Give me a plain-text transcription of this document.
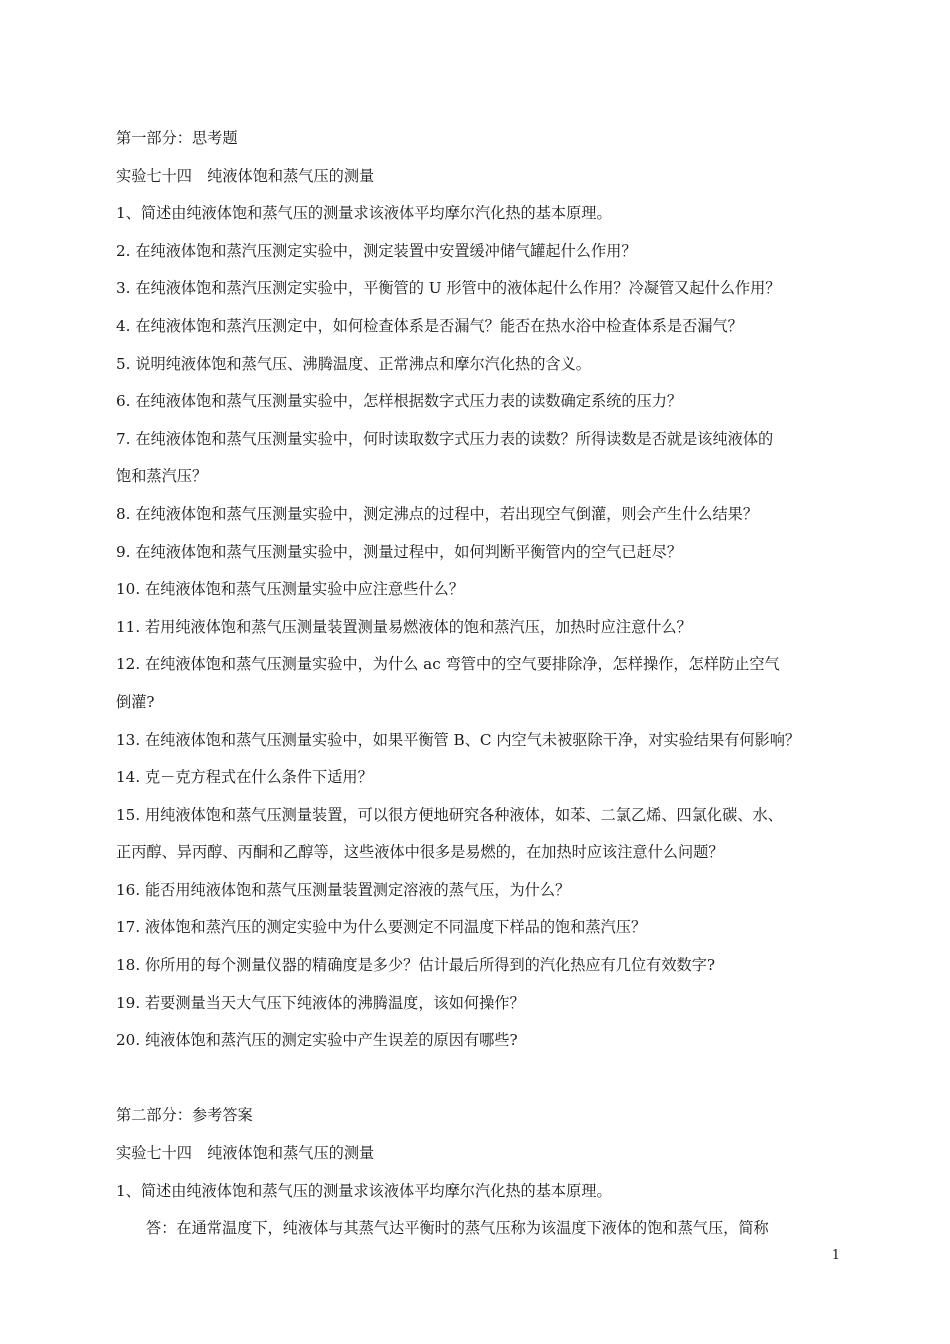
第一部分：思考题
实验七十四　纯液体饱和蒸气压的测量
1、简述由纯液体饱和蒸气压的测量求该液体平均摩尔汽化热的基本原理。
2. 在纯液体饱和蒸汽压测定实验中，测定装置中安置缓冲储气罐起什么作用？
3. 在纯液体饱和蒸汽压测定实验中，平衡管的 U 形管中的液体起什么作用？冷凝管又起什么作用？
4. 在纯液体饱和蒸汽压测定中，如何检查体系是否漏气？能否在热水浴中检查体系是否漏气？
5. 说明纯液体饱和蒸气压、沸腾温度、正常沸点和摩尔汽化热的含义。
6. 在纯液体饱和蒸气压测量实验中，怎样根据数字式压力表的读数确定系统的压力？
7. 在纯液体饱和蒸气压测量实验中，何时读取数字式压力表的读数？所得读数是否就是该纯液体的
饱和蒸汽压？
8. 在纯液体饱和蒸气压测量实验中，测定沸点的过程中，若出现空气倒灌，则会产生什么结果？
9. 在纯液体饱和蒸气压测量实验中，测量过程中，如何判断平衡管内的空气已赶尽？
10. 在纯液体饱和蒸气压测量实验中应注意些什么？
11. 若用纯液体饱和蒸气压测量装置测量易燃液体的饱和蒸汽压，加热时应注意什么？
12. 在纯液体饱和蒸气压测量实验中，为什么 ac 弯管中的空气要排除净，怎样操作，怎样防止空气
倒灌?
13. 在纯液体饱和蒸气压测量实验中，如果平衡管 B、C 内空气未被驱除干净，对实验结果有何影响？
14. 克－克方程式在什么条件下适用？
15. 用纯液体饱和蒸气压测量装置，可以很方便地研究各种液体，如苯、二氯乙烯、四氯化碳、水、
正丙醇、异丙醇、丙酮和乙醇等，这些液体中很多是易燃的，在加热时应该注意什么问题？
16. 能否用纯液体饱和蒸气压测量装置测定溶液的蒸气压，为什么？
17. 液体饱和蒸汽压的测定实验中为什么要测定不同温度下样品的饱和蒸汽压？
18. 你所用的每个测量仪器的精确度是多少？估计最后所得到的汽化热应有几位有效数字?
19. 若要测量当天大气压下纯液体的沸腾温度，该如何操作？
20. 纯液体饱和蒸汽压的测定实验中产生误差的原因有哪些?
第二部分：参考答案
实验七十四　纯液体饱和蒸气压的测量
1、简述由纯液体饱和蒸气压的测量求该液体平均摩尔汽化热的基本原理。
答：在通常温度下，纯液体与其蒸气达平衡时的蒸气压称为该温度下液体的饱和蒸气压，简称
1
